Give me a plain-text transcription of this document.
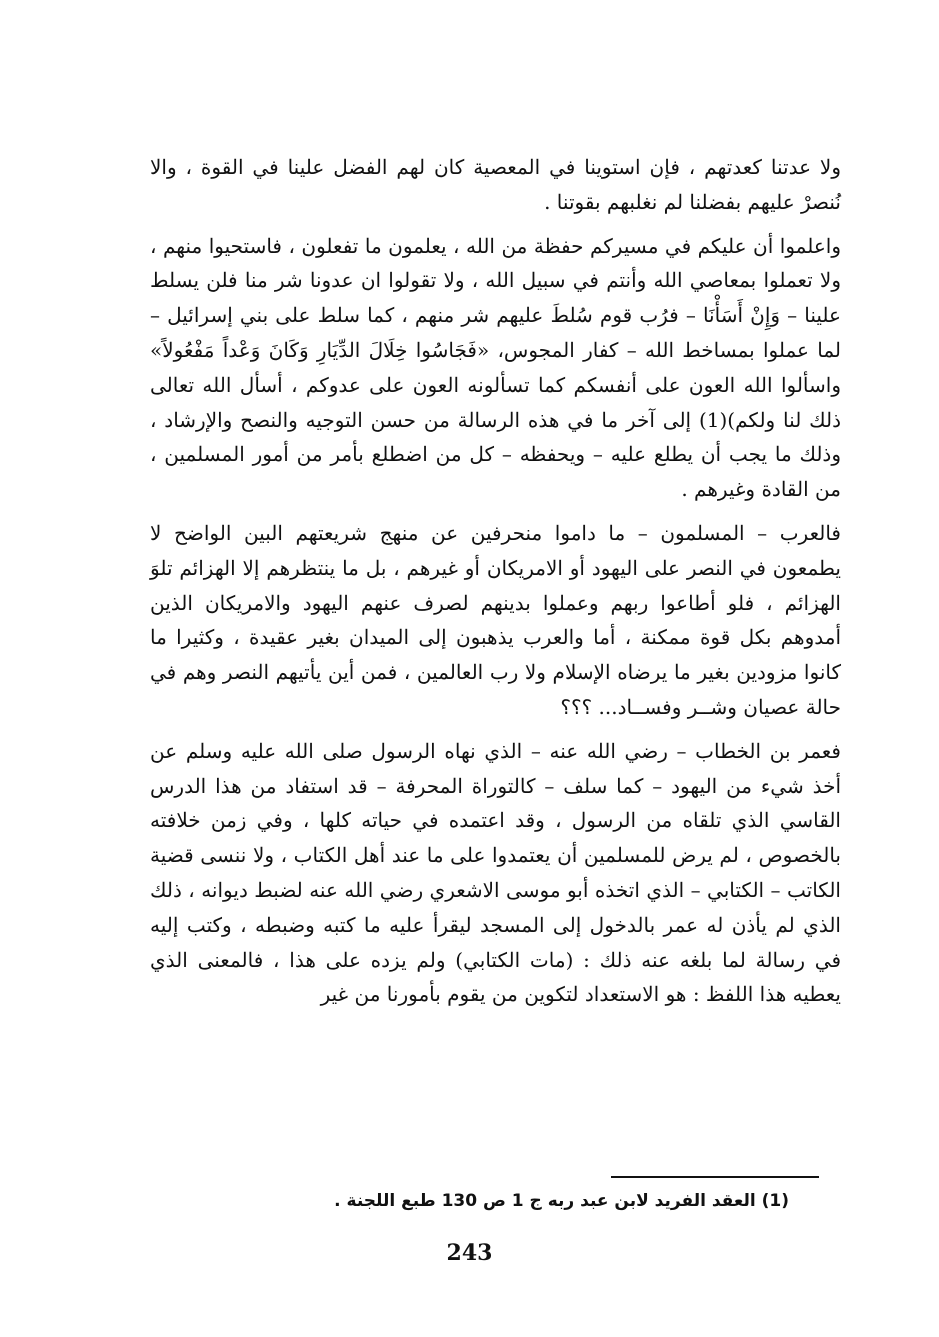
ولا عدتنا كعدتهم ، فإن استوينا في المعصية كان لهم الفضل علينا في القوة ، والا نُنصرْ عليهم بفضلنا لم نغلبهم بقوتنا .

واعلموا أن عليكم في مسيركم حفظة من الله ، يعلمون ما تفعلون ، فاستحيوا منهم ، ولا تعملوا بمعاصي الله وأنتم في سبيل الله ، ولا تقولوا ان عدونا شر منا فلن يسلط علينا – وَإِنْ أَسَأْنَا – فرُب قوم سُلطَ عليهم شر منهم ، كما سلط على بني إسرائيل – لما عملوا بمساخط الله – كفار المجوس، «فَجَاسُوا خِلَالَ الدِّيَارِ وَكَانَ وَعْداً مَفْعُولاً» واسألوا الله العون على أنفسكم كما تسألونه العون على عدوكم ، أسأل الله تعالى ذلك لنا ولكم)(1) إلى آخر ما في هذه الرسالة من حسن التوجيه والنصح والإرشاد ، وذلك ما يجب أن يطلع عليه – ويحفظه – كل من اضطلع بأمر من أمور المسلمين ، من القادة وغيرهم .

فالعرب – المسلمون – ما داموا منحرفين عن منهج شريعتهم البين الواضح لا يطمعون في النصر على اليهود أو الامريكان أو غيرهم ، بل ما ينتظرهم إلا الهزائم تلوَ الهزائم ، فلو أطاعوا ربهم وعملوا بدينهم لصرف عنهم اليهود والامريكان الذين أمدوهم بكل قوة ممكنة ، أما والعرب يذهبون إلى الميدان بغير عقيدة ، وكثيرا ما كانوا مزودين بغير ما يرضاه الإسلام ولا رب العالمين ، فمن أين يأتيهم النصر وهم في حالة عصيان وشــر وفســاد... ؟؟؟

فعمر بن الخطاب – رضي الله عنه – الذي نهاه الرسول صلى الله عليه وسلم عن أخذ شيء من اليهود – كما سلف – كالتوراة المحرفة – قد استفاد من هذا الدرس القاسي الذي تلقاه من الرسول ، وقد اعتمده في حياته كلها ، وفي زمن خلافته بالخصوص ، لم يرض للمسلمين أن يعتمدوا على ما عند أهل الكتاب ، ولا ننسى قضية الكاتب – الكتابي – الذي اتخذه أبو موسى الاشعري رضي الله عنه لضبط ديوانه ، ذلك الذي لم يأذن له عمر بالدخول إلى المسجد ليقرأ عليه ما كتبه وضبطه ، وكتب إليه في رسالة لما بلغه عنه ذلك : (مات الكتابي) ولم يزده على هذا ، فالمعنى الذي يعطيه هذا اللفظ : هو الاستعداد لتكوين من يقوم بأمورنا من غير

(1) العقد الفريد لابن عبد ربه ج 1 ص 130 طبع اللجنة .
243
